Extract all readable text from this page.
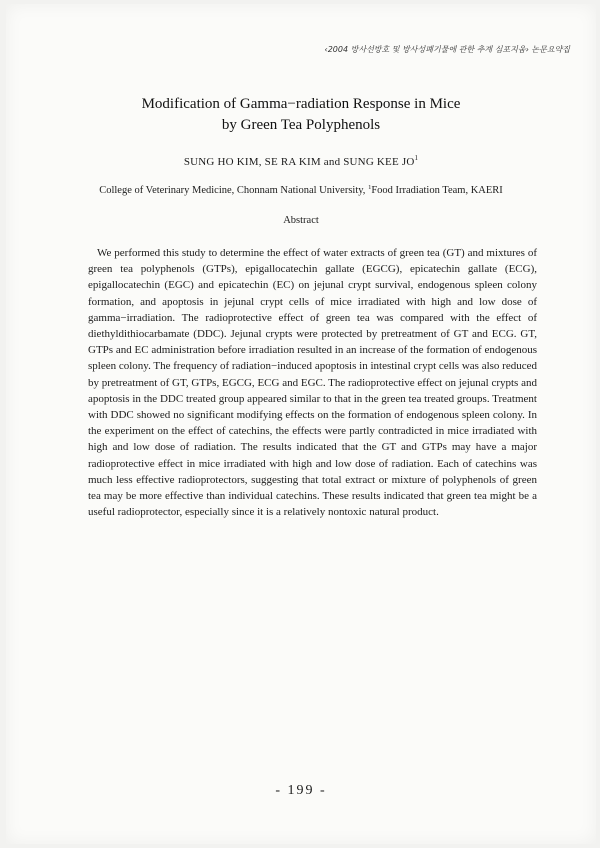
‹2004 방사선방호 및 방사성폐기물에 관한 추계 심포지움› 논문요약집
Modification of Gamma−radiation Response in Mice
by Green Tea Polyphenols
SUNG HO KIM, SE RA KIM and SUNG KEE $JO^1$
College of Veterinary Medicine, Chonnam National University, $^1$Food Irradiation Team, KAERI
Abstract

We performed this study to determine the effect of water extracts of green tea (GT) and mixtures of green tea polyphenols (GTPs), epigallocatechin gallate (EGCG), epicatechin gallate (ECG), epigallocatechin (EGC) and epicatechin (EC) on jejunal crypt survival, endogenous spleen colony formation, and apoptosis in jejunal crypt cells of mice irradiated with high and low dose of gamma−irradiation. The radioprotective effect of green tea was compared with the effect of diethyldithiocarbamate (DDC). Jejunal crypts were protected by pretreatment of GT and ECG. GT, GTPs and EC administration before irradiation resulted in an increase of the formation of endogenous spleen colony. The frequency of radiation−induced apoptosis in intestinal crypt cells was also reduced by pretreatment of GT, GTPs, EGCG, ECG and EGC. The radioprotective effect on jejunal crypts and apoptosis in the DDC treated group appeared similar to that in the green tea treated groups. Treatment with DDC showed no significant modifying effects on the formation of endogenous spleen colony. In the experiment on the effect of catechins, the effects were partly contradicted in mice irradiated with high and low dose of radiation. The results indicated that the GT and GTPs may have a major radioprotective effect in mice irradiated with high and low dose of radiation. Each of catechins was much less effective radioprotectors, suggesting that total extract or mixture of polyphenols of green tea may be more effective than individual catechins. These results indicated that green tea might be a useful radioprotector, especially since it is a relatively nontoxic natural product.

- 199 -
